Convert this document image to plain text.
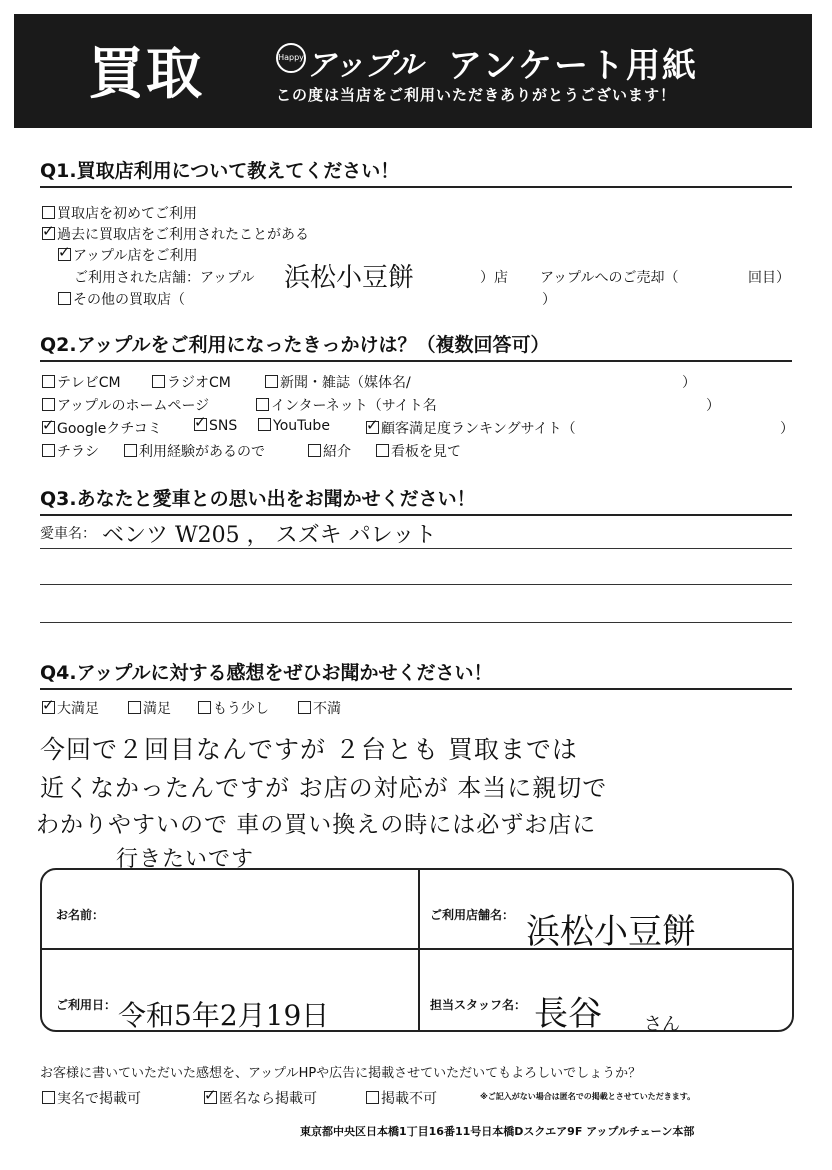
買取	Happy アップル アンケート用紙
この度は当店をご利用いただきありがとうございます！
Q1.買取店利用について教えてください！
買取店を初めてご利用
✓過去に買取店をご利用されたことがある
✓アップル店をご利用
ご利用された店舗：アップル 浜松小豆餅	）店 アップルへのご売却（	回目）
その他の買取店（	）
Q2.アップルをご利用になったきっかけは？（複数回答可）
テレビCM	ラジオCM	新聞・雑誌（媒体名/	）
アップルのホームページ	インターネット（サイト名	）
✓Googleクチコミ ✓	SNS	YouTube ✓	顧客満足度ランキングサイト（	）
チラシ	利用経験があるので	紹介	看板を見て
Q3.あなたと愛車との思い出をお聞かせください！
愛車名： ベンツ W205 ， スズキ パレット
Q4.アップルに対する感想をぜひお聞かせください！
✓大満足	満足	もう少し	不満
今回で２回目なんですが ２台とも 買取までは
近くなかったんですが お店の対応が 本当に親切で
わかりやすいので 車の買い換えの時には必ずお店に
行きたいです
お名前：	ご利用店舗名： 浜松小豆餅
ご利用日： 令和5年2月19日	担当スタッフ名： 長谷 さん
お客様に書いていただいた感想を、アップルHPや広告に掲載させていただいてもよろしいでしょうか？
実名で掲載可 ✓	匿名なら掲載可	掲載不可	※ご記入がない場合は匿名での掲載とさせていただきます。
東京都中央区日本橋1丁目16番11号日本橋Dスクエア9F アップルチェーン本部
